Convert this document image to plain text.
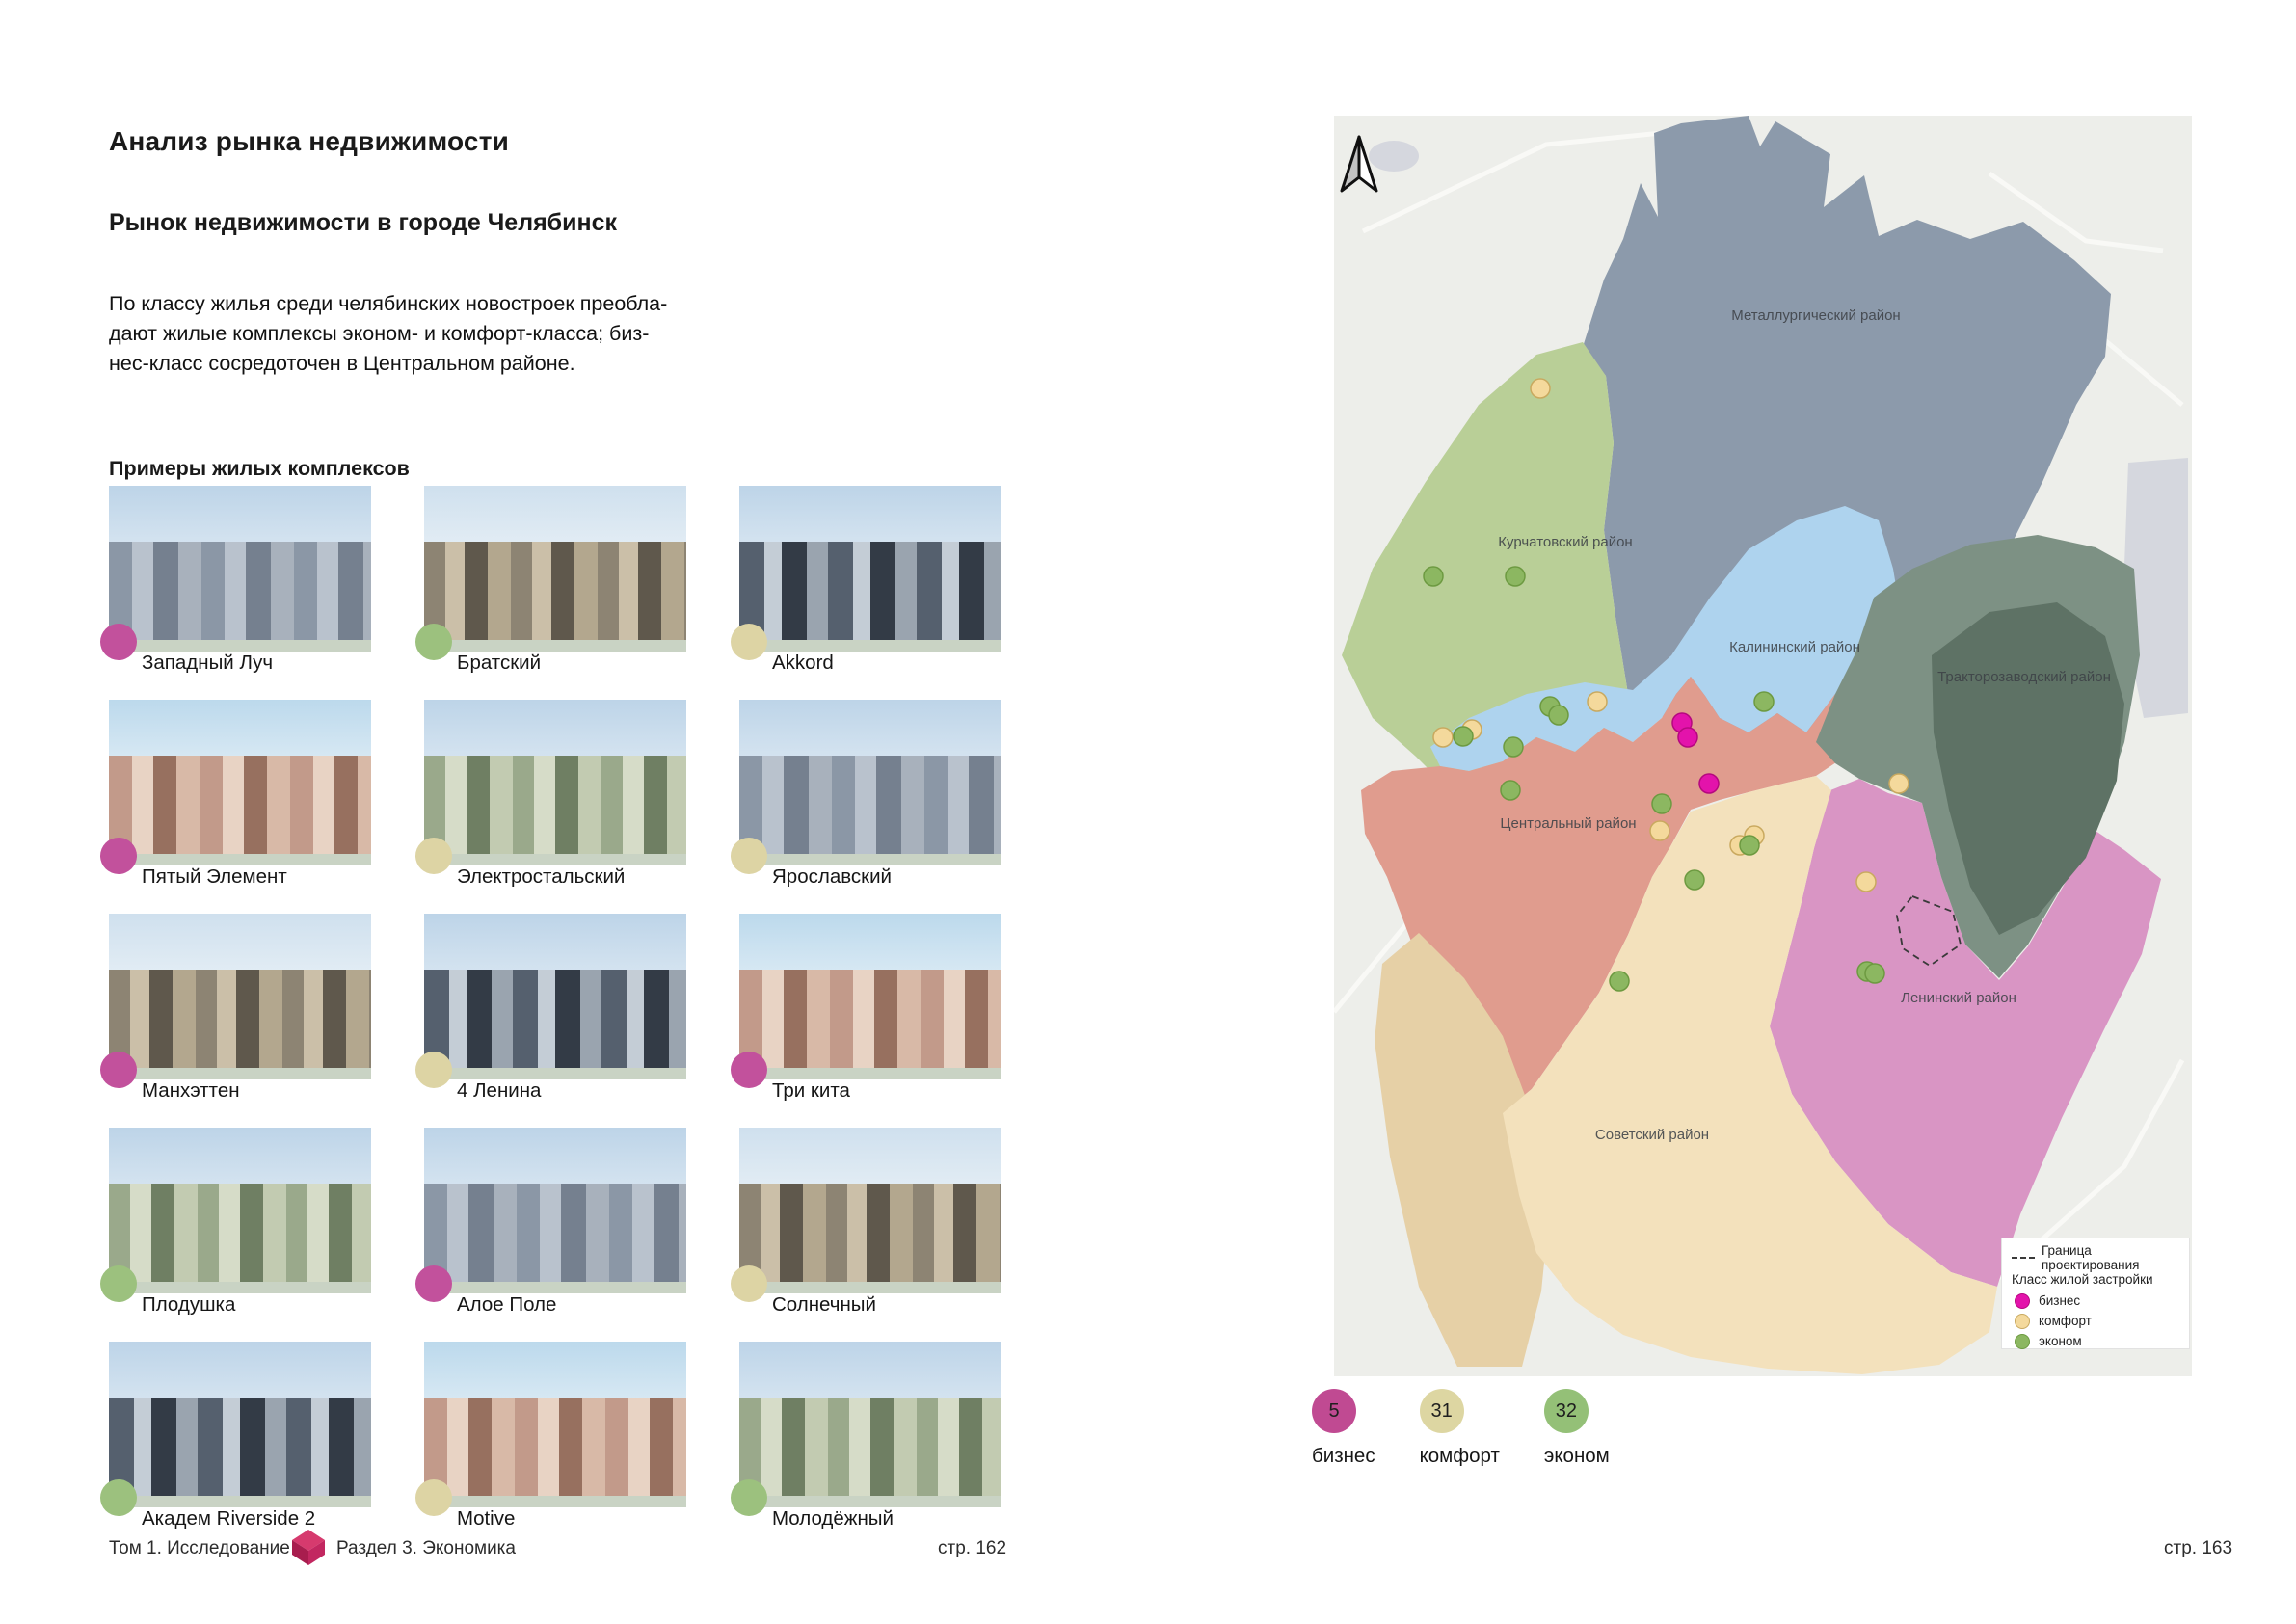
Анализ рынка недвижимости
Рынок недвижимости в городе Челябинск
По классу жилья среди челябинских новостроек преобла-
дают жилые комплексы эконом- и комфорт-класса; биз-
нес-класс сосредоточен в Центральном районе.
Примеры жилых комплексов
Западный Луч	Братский	Akkord
Пятый Элемент	Электростальский	Ярославский
Манхэттен	4 Ленина	Три кита
Плодушка	Алое Поле	Солнечный
Академ Riverside 2	Motive	Молодёжный
Металлургический район
Курчатовский район
Калининский район
Тракторозаводский район
Центральный район
Ленинский район
Советский район
Граница проектирования
Класс жилой застройки
бизнес
комфорт
эконом
5
бизнес
31
комфорт
32
эконом
Том 1. Исследование	Раздел 3. Экономика	стр. 162	стр. 163
